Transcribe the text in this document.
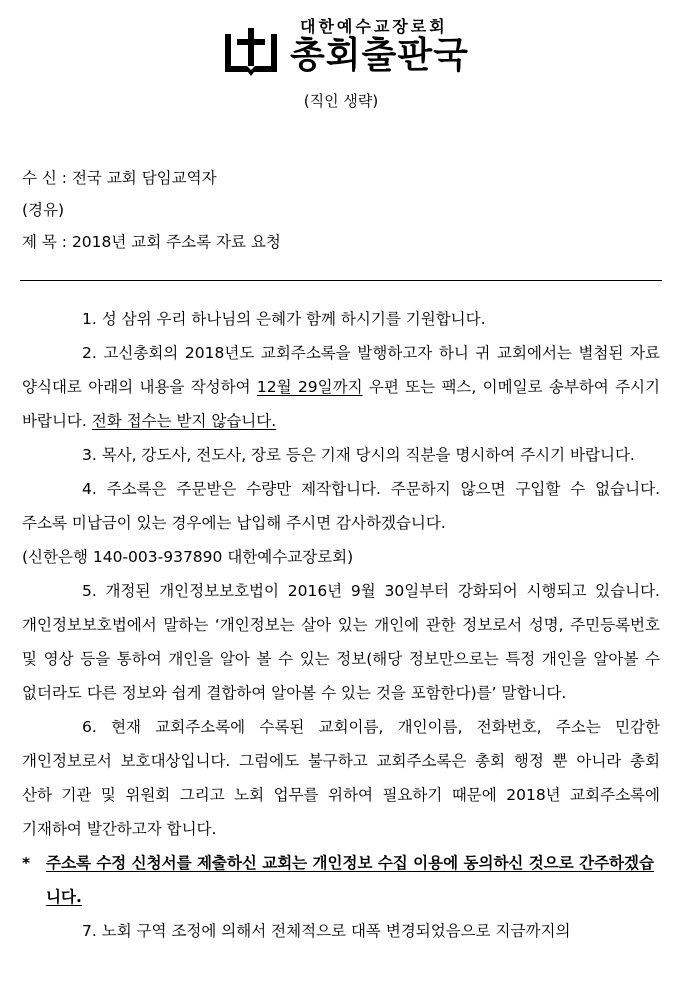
대한예수교장로회
총회출판국
(직인 생략)
수 신 : 전국 교회 담임교역자
(경유)
제 목 : 2018년 교회 주소록 자료 요청

1. 성 삼위 우리 하나님의 은혜가 함께 하시기를 기원합니다.

2. 고신총회의 2018년도 교회주소록을 발행하고자 하니 귀 교회에서는 별첨된 자료 양식대로 아래의 내용을 작성하여 12월 29일까지 우편 또는 팩스, 이메일로 송부하여 주시기 바랍니다. 전화 접수는 받지 않습니다.

3. 목사, 강도사, 전도사, 장로 등은 기재 당시의 직분을 명시하여 주시기 바랍니다.

4. 주소록은 주문받은 수량만 제작합니다. 주문하지 않으면 구입할 수 없습니다. 주소록 미납금이 있는 경우에는 납입해 주시면 감사하겠습니다.

(신한은행 140-003-937890 대한예수교장로회)

5. 개정된 개인정보보호법이 2016년 9월 30일부터 강화되어 시행되고 있습니다. 개인정보보호법에서 말하는 ‘개인정보는 살아 있는 개인에 관한 정보로서 성명, 주민등록번호 및 영상 등을 통하여 개인을 알아 볼 수 있는 정보(해당 정보만으로는 특정 개인을 알아볼 수 없더라도 다른 정보와 쉽게 결합하여 알아볼 수 있는 것을 포함한다)를’ 말합니다.

6. 현재 교회주소록에 수록된 교회이름, 개인이름, 전화번호, 주소는 민감한 개인정보로서 보호대상입니다. 그럼에도 불구하고 교회주소록은 총회 행정 뿐 아니라 총회 산하 기관 및 위원회 그리고 노회 업무를 위하여 필요하기 때문에 2018년 교회주소록에 기재하여 발간하고자 합니다.

* 주소록 수정 신청서를 제출하신 교회는 개인정보 수집 이용에 동의하신 것으로 간주하겠습니다.

7. 노회 구역 조정에 의해서 전체적으로 대폭 변경되었음으로 지금까지의
